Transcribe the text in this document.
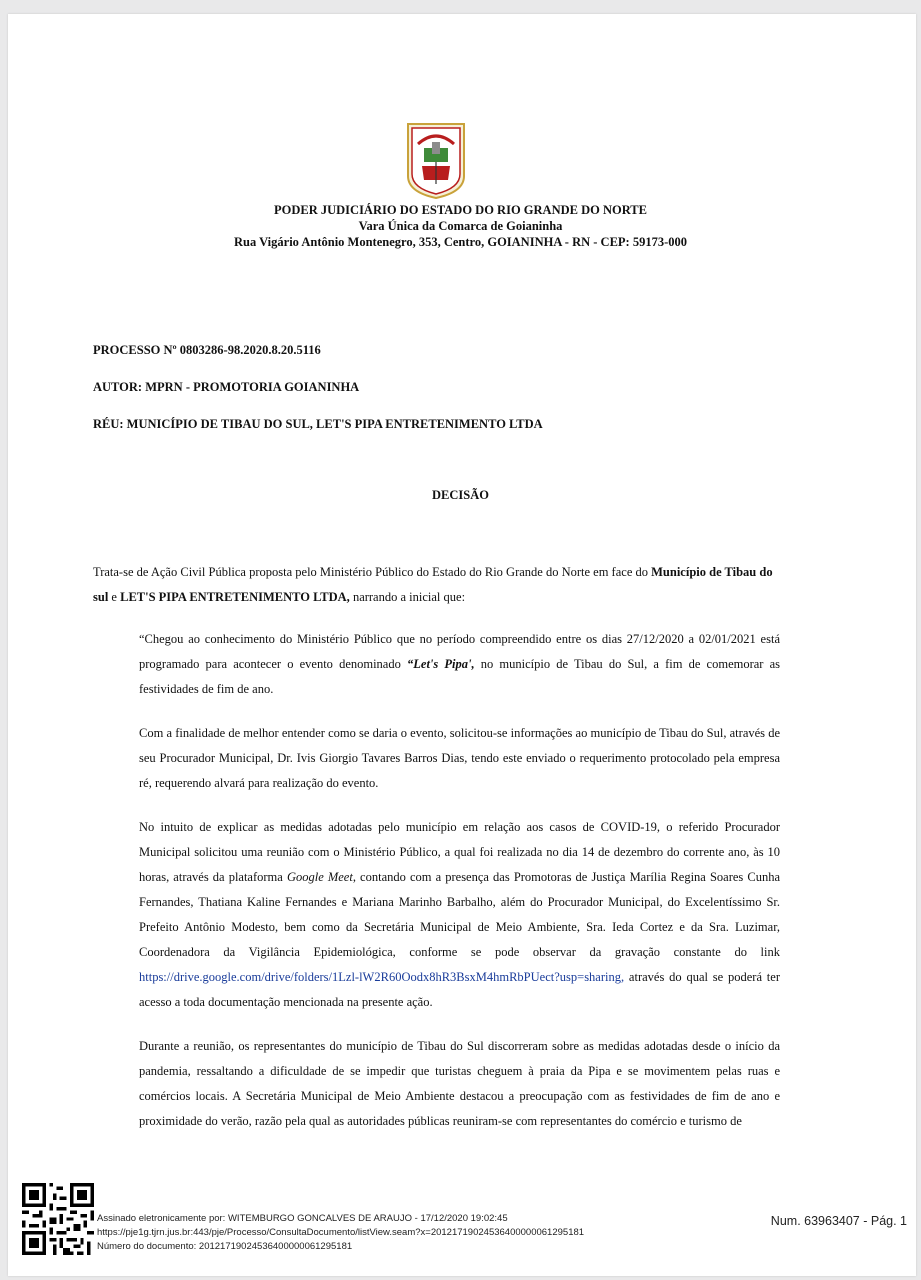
PODER JUDICIÁRIO DO ESTADO DO RIO GRANDE DO NORTE
Vara Única da Comarca de Goianinha
Rua Vigário Antônio Montenegro, 353, Centro, GOIANINHA - RN - CEP: 59173-000
PROCESSO Nº 0803286-98.2020.8.20.5116
AUTOR: MPRN - PROMOTORIA GOIANINHA
RÉU: MUNICÍPIO DE TIBAU DO SUL, LET'S PIPA ENTRETENIMENTO LTDA
DECISÃO
Trata-se de Ação Civil Pública proposta pelo Ministério Público do Estado do Rio Grande do Norte em face do Município de Tibau do sul e LET'S PIPA ENTRETENIMENTO LTDA, narrando a inicial que:
“Chegou ao conhecimento do Ministério Público que no período compreendido entre os dias 27/12/2020 a 02/01/2021 está programado para acontecer o evento denominado “Let's Pipa', no município de Tibau do Sul, a fim de comemorar as festividades de fim de ano.
Com a finalidade de melhor entender como se daria o evento, solicitou-se informações ao município de Tibau do Sul, através de seu Procurador Municipal, Dr. Ivis Giorgio Tavares Barros Dias, tendo este enviado o requerimento protocolado pela empresa ré, requerendo alvará para realização do evento.
No intuito de explicar as medidas adotadas pelo município em relação aos casos de COVID-19, o referido Procurador Municipal solicitou uma reunião com o Ministério Público, a qual foi realizada no dia 14 de dezembro do corrente ano, às 10 horas, através da plataforma Google Meet, contando com a presença das Promotoras de Justiça Marília Regina Soares Cunha Fernandes, Thatiana Kaline Fernandes e Mariana Marinho Barbalho, além do Procurador Municipal, do Excelentíssimo Sr. Prefeito Antônio Modesto, bem como da Secretária Municipal de Meio Ambiente, Sra. Ieda Cortez e da Sra. Luzimar, Coordenadora da Vigilância Epidemiológica, conforme se pode observar da gravação constante do link https://drive.google.com/drive/folders/1Lzl-lW2R60Oodx8hR3BsxM4hmRbPUect?usp=sharing, através do qual se poderá ter acesso a toda documentação mencionada na presente ação.
Durante a reunião, os representantes do município de Tibau do Sul discorreram sobre as medidas adotadas desde o início da pandemia, ressaltando a dificuldade de se impedir que turistas cheguem à praia da Pipa e se movimentem pelas ruas e comércios locais. A Secretária Municipal de Meio Ambiente destacou a preocupação com as festividades de fim de ano e proximidade do verão, razão pela qual as autoridades públicas reuniram-se com representantes do comércio e turismo de
Assinado eletronicamente por: WITEMBURGO GONCALVES DE ARAUJO - 17/12/2020 19:02:45
https://pje1g.tjrn.jus.br:443/pje/Processo/ConsultaDocumento/listView.seam?x=20121719024536400000061295181
Número do documento: 20121719024536400000061295181
Num. 63963407 - Pág. 1
